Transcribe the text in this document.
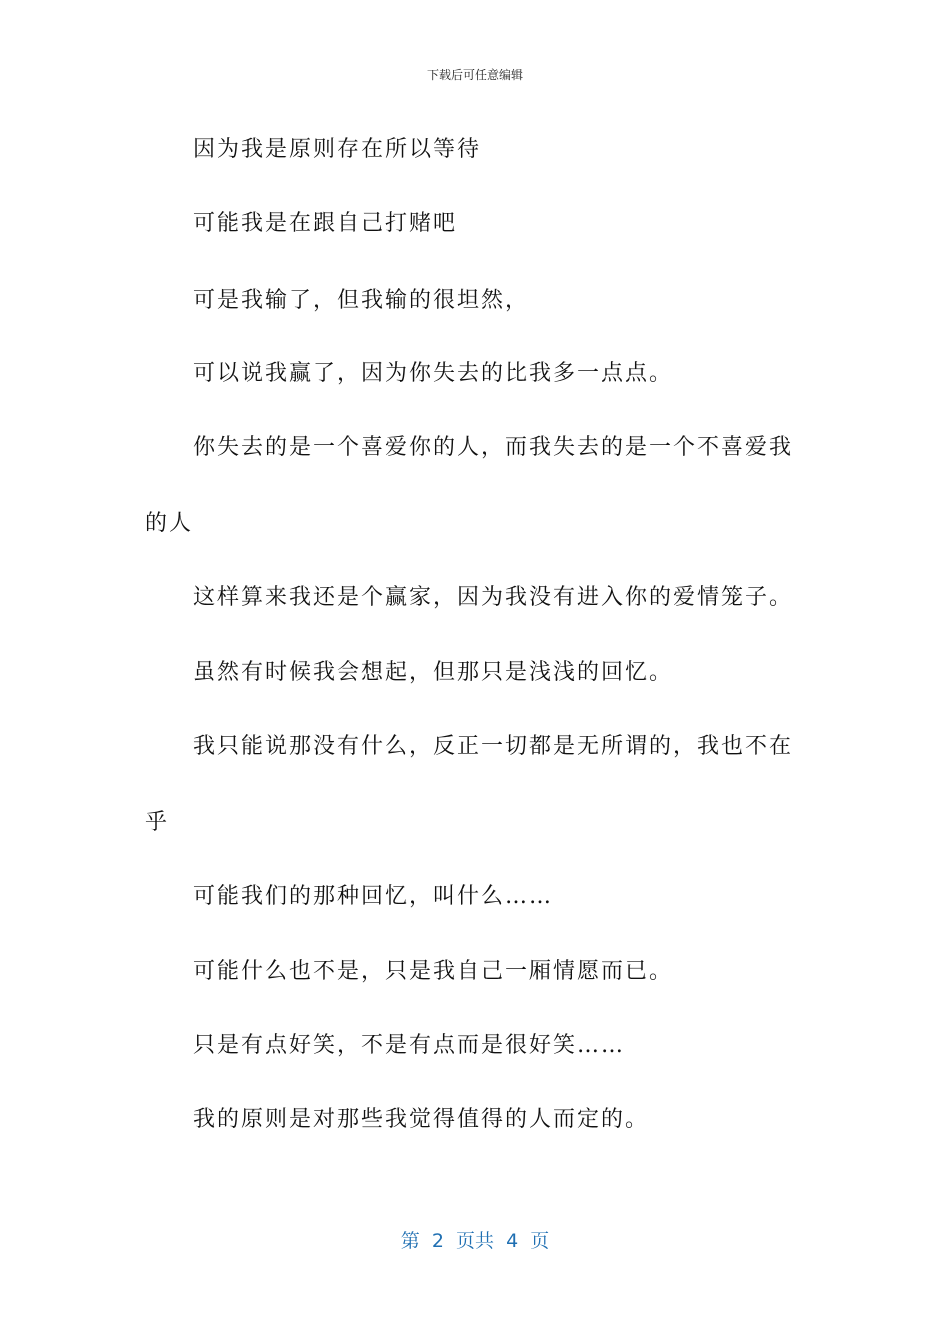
下载后可任意编辑
因为我是原则存在所以等待
可能我是在跟自己打赌吧
可是我输了，但我输的很坦然，
可以说我赢了，因为你失去的比我多一点点。
你失去的是一个喜爱你的人，而我失去的是一个不喜爱我
的人
这样算来我还是个赢家，因为我没有进入你的爱情笼子。
虽然有时候我会想起，但那只是浅浅的回忆。
我只能说那没有什么，反正一切都是无所谓的，我也不在
乎
可能我们的那种回忆，叫什么……
可能什么也不是，只是我自己一厢情愿而已。
只是有点好笑，不是有点而是很好笑……
我的原则是对那些我觉得值得的人而定的。
第  2  页共  4  页
